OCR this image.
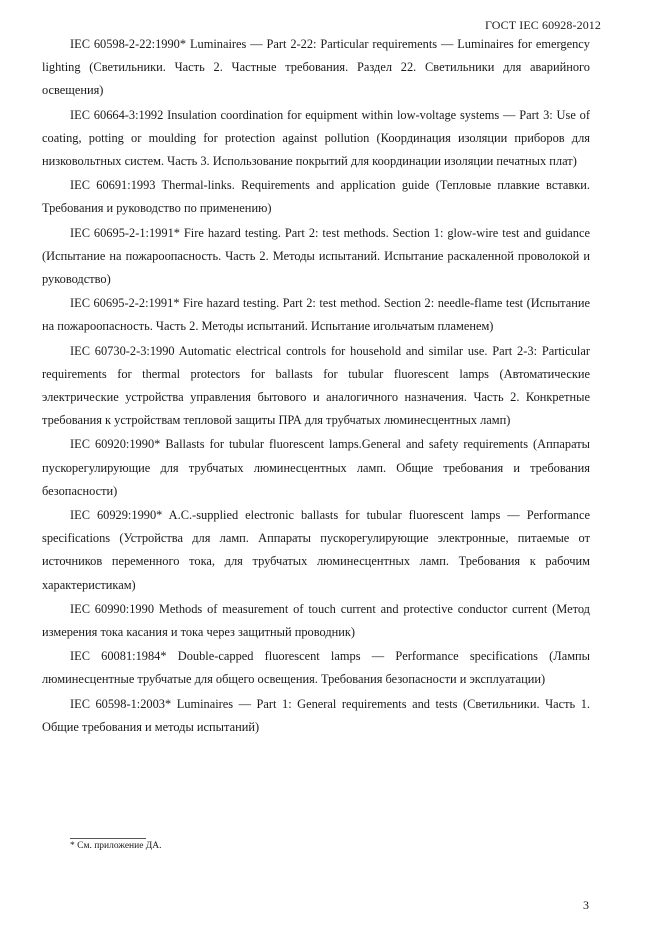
ГОСТ IEC 60928-2012

IEC 60598-2-22:1990* Luminaires — Part 2-22: Particular requirements — Luminaires for emergency lighting (Светильники. Часть 2. Частные требования. Раздел 22. Светильники для аварийного освещения)

IEC 60664-3:1992 Insulation coordination for equipment within low-voltage systems — Part 3: Use of coating, potting or moulding for protection against pollution (Координация изоляции приборов для низковольтных систем. Часть 3. Использование покрытий для координации изоляции печатных плат)

IEC 60691:1993 Thermal-links. Requirements and application guide (Тепловые плавкие вставки. Требования и руководство по применению)

IEC 60695-2-1:1991* Fire hazard testing. Part 2: test methods. Section 1: glow-wire test and guidance (Испытание на пожароопасность. Часть 2. Методы испытаний. Испытание раскаленной проволокой и руководство)

IEC 60695-2-2:1991* Fire hazard testing. Part 2: test method. Section 2: needle-flame test (Испытание на пожароопасность. Часть 2. Методы испытаний. Испытание игольчатым пламенем)

IEC 60730-2-3:1990 Automatic electrical controls for household and similar use. Part 2-3: Particular requirements for thermal protectors for ballasts for tubular fluorescent lamps (Автоматические электрические устройства управления бытового и аналогичного назначения. Часть 2. Конкретные требования к устройствам тепловой защиты ПРА для трубчатых люминесцентных ламп)

IEC 60920:1990* Ballasts for tubular fluorescent lamps.General and safety requirements (Аппараты пускорегулирующие для трубчатых люминесцентных ламп. Общие требования и требования безопасности)

IEC 60929:1990* A.C.-supplied electronic ballasts for tubular fluorescent lamps — Performance specifications (Устройства для ламп. Аппараты пускорегулирующие электронные, питаемые от источников переменного тока, для трубчатых люминесцентных ламп. Требования к рабочим характеристикам)

IEC 60990:1990 Methods of measurement of touch current and protective conductor current (Метод измерения тока касания и тока через защитный проводник)

IEC 60081:1984* Double-capped fluorescent lamps — Performance specifications (Лампы люминесцентные трубчатые для общего освещения. Требования безопасности и эксплуатации)

IEC 60598-1:2003* Luminaires — Part 1: General requirements and tests (Светильники. Часть 1. Общие требования и методы испытаний)

* См. приложение ДА.
3
